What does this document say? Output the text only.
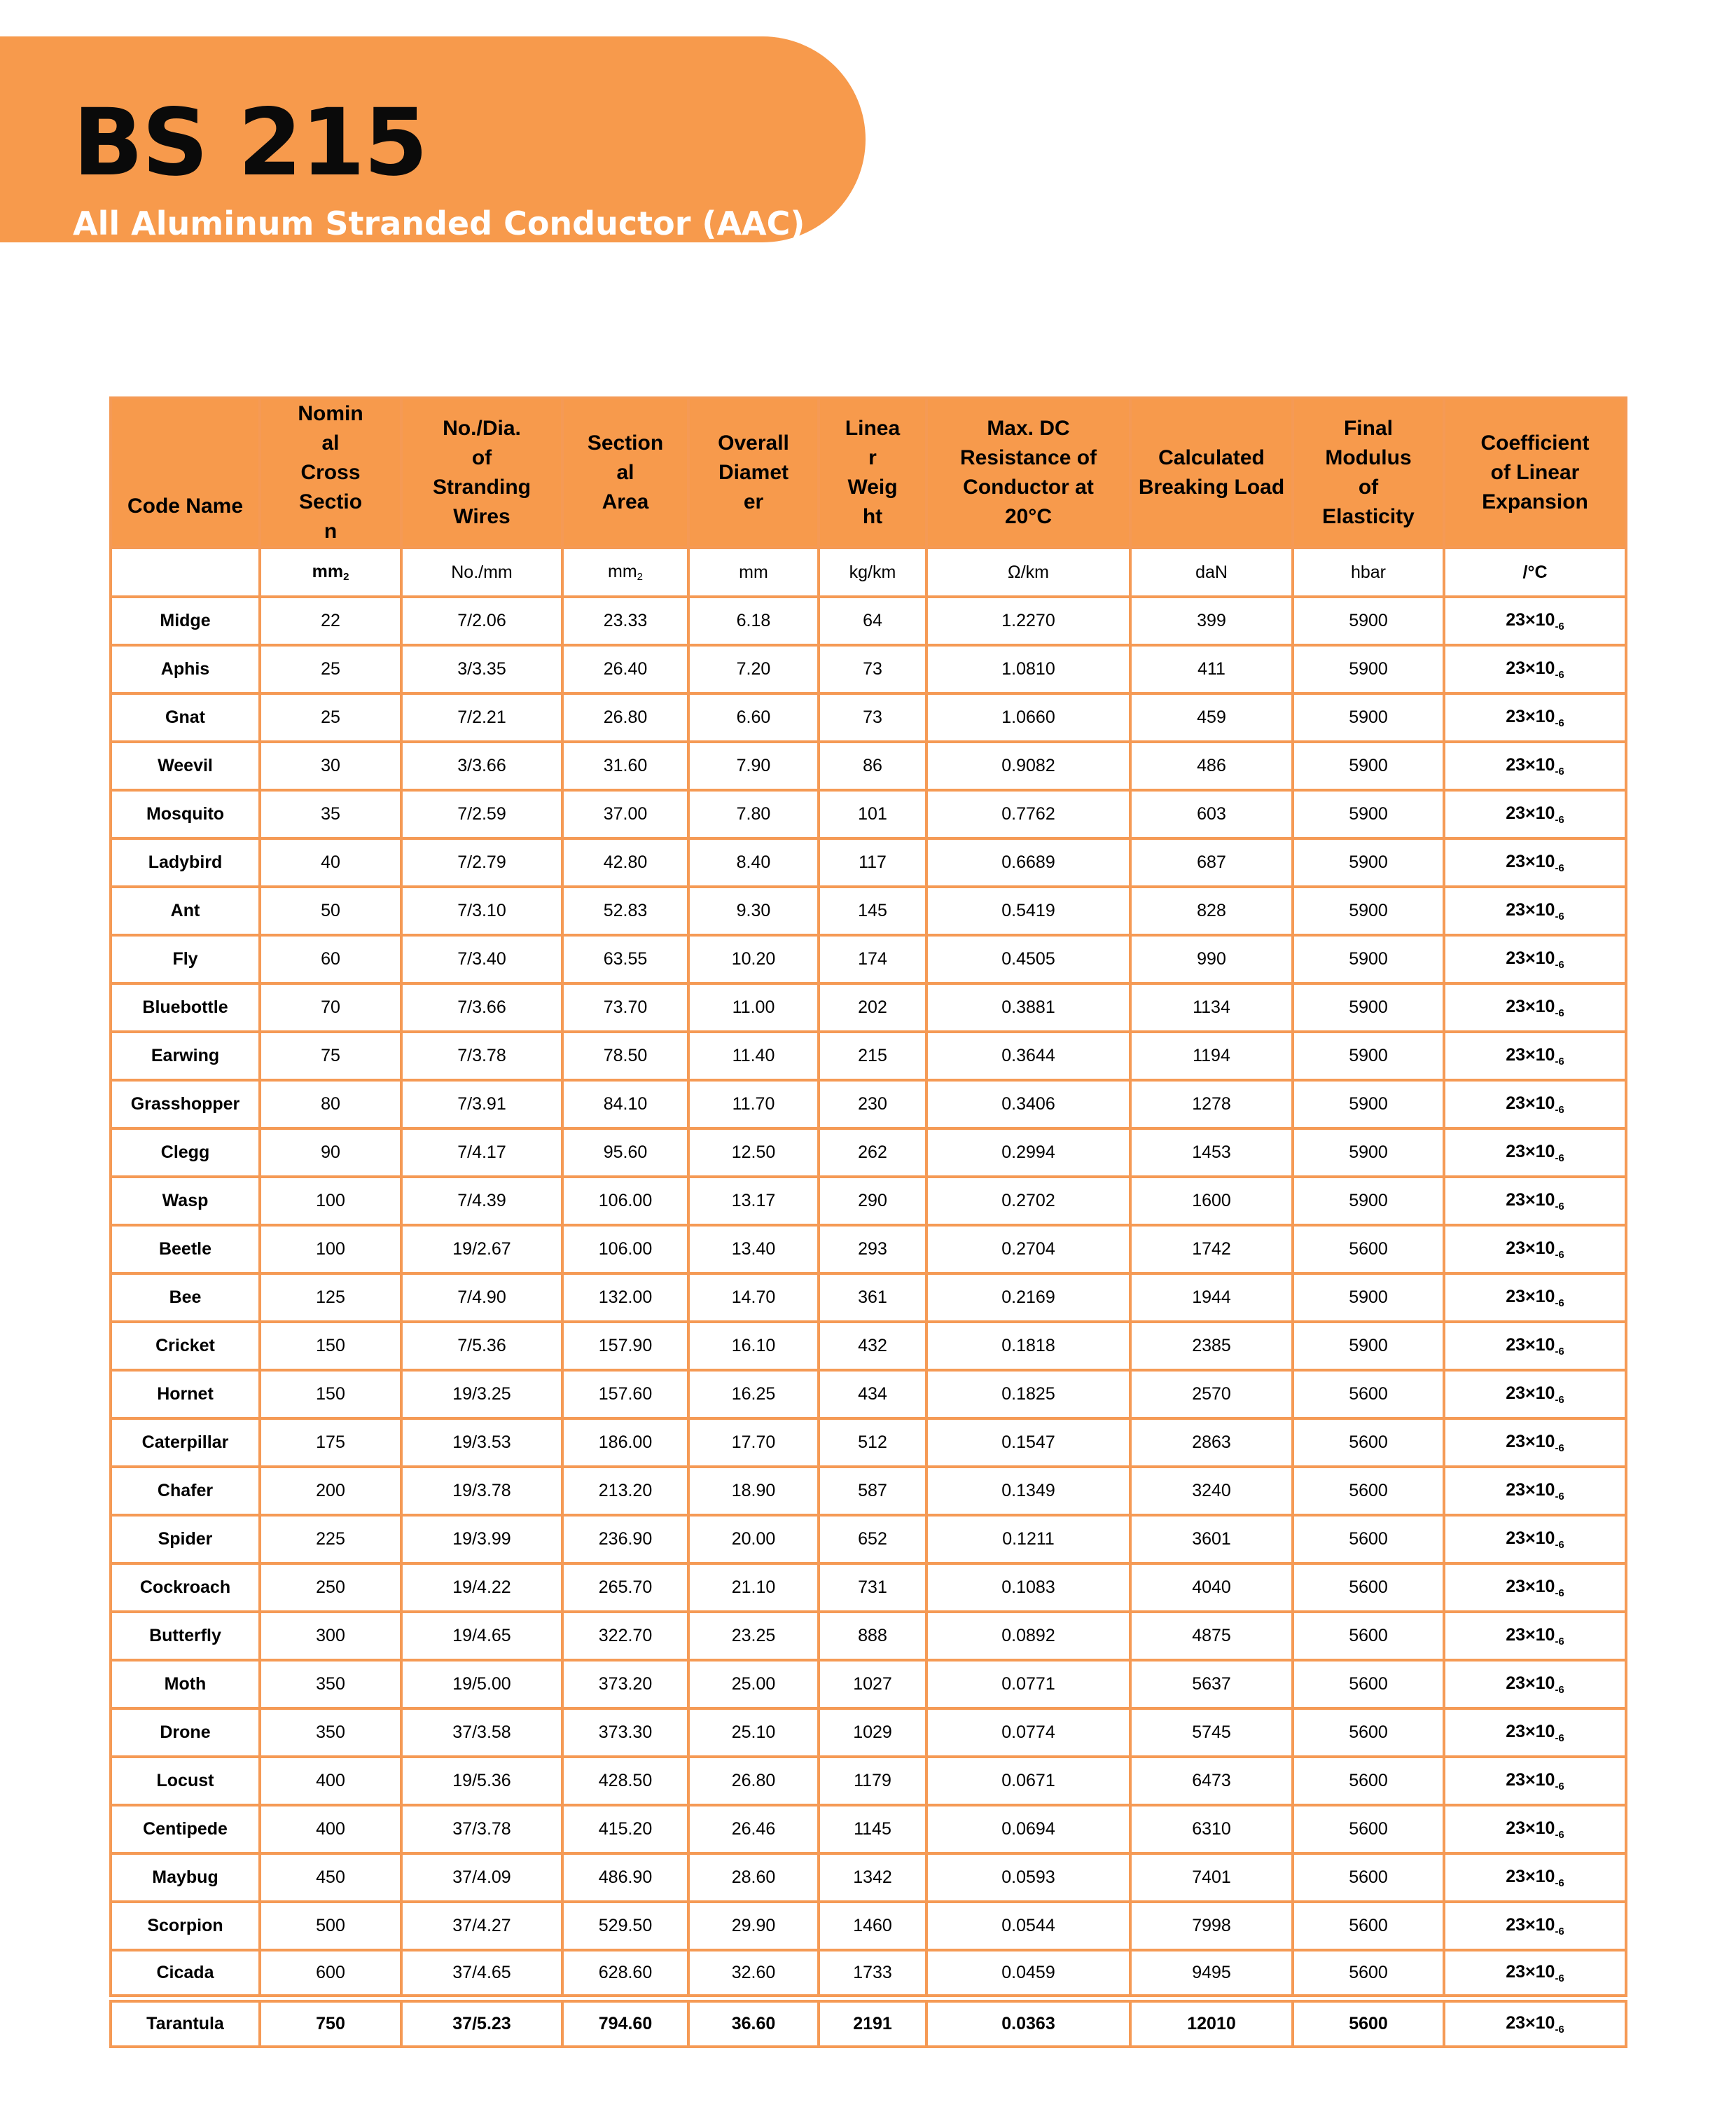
BS 215
All Aluminum Stranded Conductor (AAC)
Code Name	Nomin
al
Cross
Sectio
n	No./Dia.
of
Stranding
Wires	Section
al
Area	Overall
Diamet
er	Linea
r
Weig
ht	Max. DC
Resistance of
Conductor at
20°C	Calculated
Breaking Load	Final
Modulus
of
Elasticity	Coefficient
of Linear
Expansion

	$mm_2$	No./mm	$mm_2$	mm	kg/km	Ω/km	daN	hbar	/°C
Midge	22	7/2.06	23.33	6.18	64	1.2270	399	5900	$23\times 10_{-6}$
Aphis	25	3/3.35	26.40	7.20	73	1.0810	411	5900	$23\times 10_{-6}$
Gnat	25	7/2.21	26.80	6.60	73	1.0660	459	5900	$23\times 10_{-6}$
Weevil	30	3/3.66	31.60	7.90	86	0.9082	486	5900	$23\times 10_{-6}$
Mosquito	35	7/2.59	37.00	7.80	101	0.7762	603	5900	$23\times 10_{-6}$
Ladybird	40	7/2.79	42.80	8.40	117	0.6689	687	5900	$23\times 10_{-6}$
Ant	50	7/3.10	52.83	9.30	145	0.5419	828	5900	$23\times 10_{-6}$
Fly	60	7/3.40	63.55	10.20	174	0.4505	990	5900	$23\times 10_{-6}$
Bluebottle	70	7/3.66	73.70	11.00	202	0.3881	1134	5900	$23\times 10_{-6}$
Earwing	75	7/3.78	78.50	11.40	215	0.3644	1194	5900	$23\times 10_{-6}$
Grasshopper	80	7/3.91	84.10	11.70	230	0.3406	1278	5900	$23\times 10_{-6}$
Clegg	90	7/4.17	95.60	12.50	262	0.2994	1453	5900	$23\times 10_{-6}$
Wasp	100	7/4.39	106.00	13.17	290	0.2702	1600	5900	$23\times 10_{-6}$
Beetle	100	19/2.67	106.00	13.40	293	0.2704	1742	5600	$23\times 10_{-6}$
Bee	125	7/4.90	132.00	14.70	361	0.2169	1944	5900	$23\times 10_{-6}$
Cricket	150	7/5.36	157.90	16.10	432	0.1818	2385	5900	$23\times 10_{-6}$
Hornet	150	19/3.25	157.60	16.25	434	0.1825	2570	5600	$23\times 10_{-6}$
Caterpillar	175	19/3.53	186.00	17.70	512	0.1547	2863	5600	$23\times 10_{-6}$
Chafer	200	19/3.78	213.20	18.90	587	0.1349	3240	5600	$23\times 10_{-6}$
Spider	225	19/3.99	236.90	20.00	652	0.1211	3601	5600	$23\times 10_{-6}$
Cockroach	250	19/4.22	265.70	21.10	731	0.1083	4040	5600	$23\times 10_{-6}$
Butterfly	300	19/4.65	322.70	23.25	888	0.0892	4875	5600	$23\times 10_{-6}$
Moth	350	19/5.00	373.20	25.00	1027	0.0771	5637	5600	$23\times 10_{-6}$
Drone	350	37/3.58	373.30	25.10	1029	0.0774	5745	5600	$23\times 10_{-6}$
Locust	400	19/5.36	428.50	26.80	1179	0.0671	6473	5600	$23\times 10_{-6}$
Centipede	400	37/3.78	415.20	26.46	1145	0.0694	6310	5600	$23\times 10_{-6}$
Maybug	450	37/4.09	486.90	28.60	1342	0.0593	7401	5600	$23\times 10_{-6}$
Scorpion	500	37/4.27	529.50	29.90	1460	0.0544	7998	5600	$23\times 10_{-6}$
Cicada	600	37/4.65	628.60	32.60	1733	0.0459	9495	5600	$23\times 10_{-6}$
Tarantula	750	37/5.23	794.60	36.60	2191	0.0363	12010	5600	$23\times 10_{-6}$
